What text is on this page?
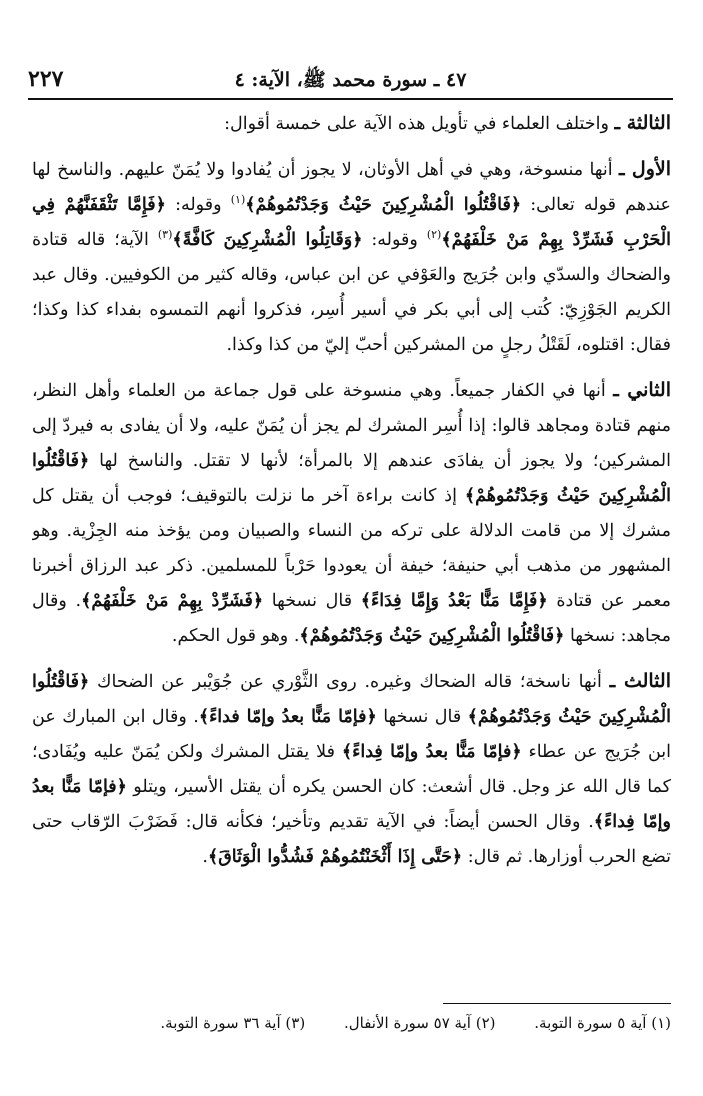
٤٧ ـ سورة محمد ﷺ، الآية: ٤
٢٢٧

الثالثة ـ واختلف العلماء في تأويل هذه الآية على خمسة أقوال:

الأول ـ أنها منسوخة، وهي في أهل الأوثان، لا يجوز أن يُفادوا ولا يُمَنّ عليهم. والناسخ لها عندهم قوله تعالى: ﴿فَاقْتُلُوا الْمُشْرِكِينَ حَيْثُ وَجَدْتُمُوهُمْ﴾$^{(١)}$ وقوله: ﴿فَإِمَّا تَثْقَفَنَّهُمْ فِي الْحَرْبِ فَشَرِّدْ بِهِمْ مَنْ خَلْفَهُمْ﴾$^{(٢)}$ وقوله: ﴿وَقَاتِلُوا الْمُشْرِكِينَ كَافَّةً﴾$^{(٣)}$ الآية؛ قاله قتادة والضحاك والسدّي وابن جُرَيج والعَوْفي عن ابن عباس، وقاله كثير من الكوفيين. وقال عبد الكريم الجَوْزِيّ: كُتب إلى أبي بكر في أسير أُسِر، فذكروا أنهم التمسوه بفداء كذا وكذا؛ فقال: اقتلوه، لَقَتْلُ رجلٍ من المشركين أحبّ إليّ من كذا وكذا.

الثاني ـ أنها في الكفار جميعاً. وهي منسوخة على قول جماعة من العلماء وأهل النظر، منهم قتادة ومجاهد قالوا: إذا أُسِر المشرك لم يجز أن يُمَنّ عليه، ولا أن يفادى به فيردّ إلى المشركين؛ ولا يجوز أن يفادَى عندهم إلا بالمرأة؛ لأنها لا تقتل. والناسخ لها ﴿فَاقْتُلُوا الْمُشْرِكِينَ حَيْثُ وَجَدْتُمُوهُمْ﴾ إذ كانت براءة آخر ما نزلت بالتوقيف؛ فوجب أن يقتل كل مشرك إلا من قامت الدلالة على تركه من النساء والصبيان ومن يؤخذ منه الجِزْية. وهو المشهور من مذهب أبي حنيفة؛ خيفة أن يعودوا حَرْباً للمسلمين. ذكر عبد الرزاق أخبرنا معمر عن قتادة ﴿فَإِمَّا مَنًّا بَعْدُ وَإِمَّا فِدَاءً﴾ قال نسخها ﴿فَشَرِّدْ بِهِمْ مَنْ خَلْفَهُمْ﴾. وقال مجاهد: نسخها ﴿فَاقْتُلُوا الْمُشْرِكِينَ حَيْثُ وَجَدْتُمُوهُمْ﴾. وهو قول الحكم.

الثالث ـ أنها ناسخة؛ قاله الضحاك وغيره. روى الثَّوْري عن جُوَيْبر عن الضحاك ﴿فَاقْتُلُوا الْمُشْرِكِينَ حَيْثُ وَجَدْتُمُوهُمْ﴾ قال نسخها ﴿فإمّا مَنًّا بعدُ وإمّا فداءً﴾. وقال ابن المبارك عن ابن جُرَيج عن عطاء ﴿فإمّا مَنًّا بعدُ وإمّا فِداءً﴾ فلا يقتل المشرك ولكن يُمَنّ عليه ويُفَادى؛ كما قال الله عز وجل. قال أشعث: كان الحسن يكره أن يقتل الأسير، ويتلو ﴿فإمّا مَنًّا بعدُ وإمّا فِداءً﴾. وقال الحسن أيضاً: في الآية تقديم وتأخير؛ فكأنه قال: فَضَرْبَ الرّقاب حتى تضع الحرب أوزارها. ثم قال: ﴿حَتَّى إِذَا أَثْخَنْتُمُوهُمْ فَشُدُّوا الْوَثَاقَ﴾.

(١) آية ٥ سورة التوبة. (٢) آية ٥٧ سورة الأنفال. (٣) آية ٣٦ سورة التوبة.
